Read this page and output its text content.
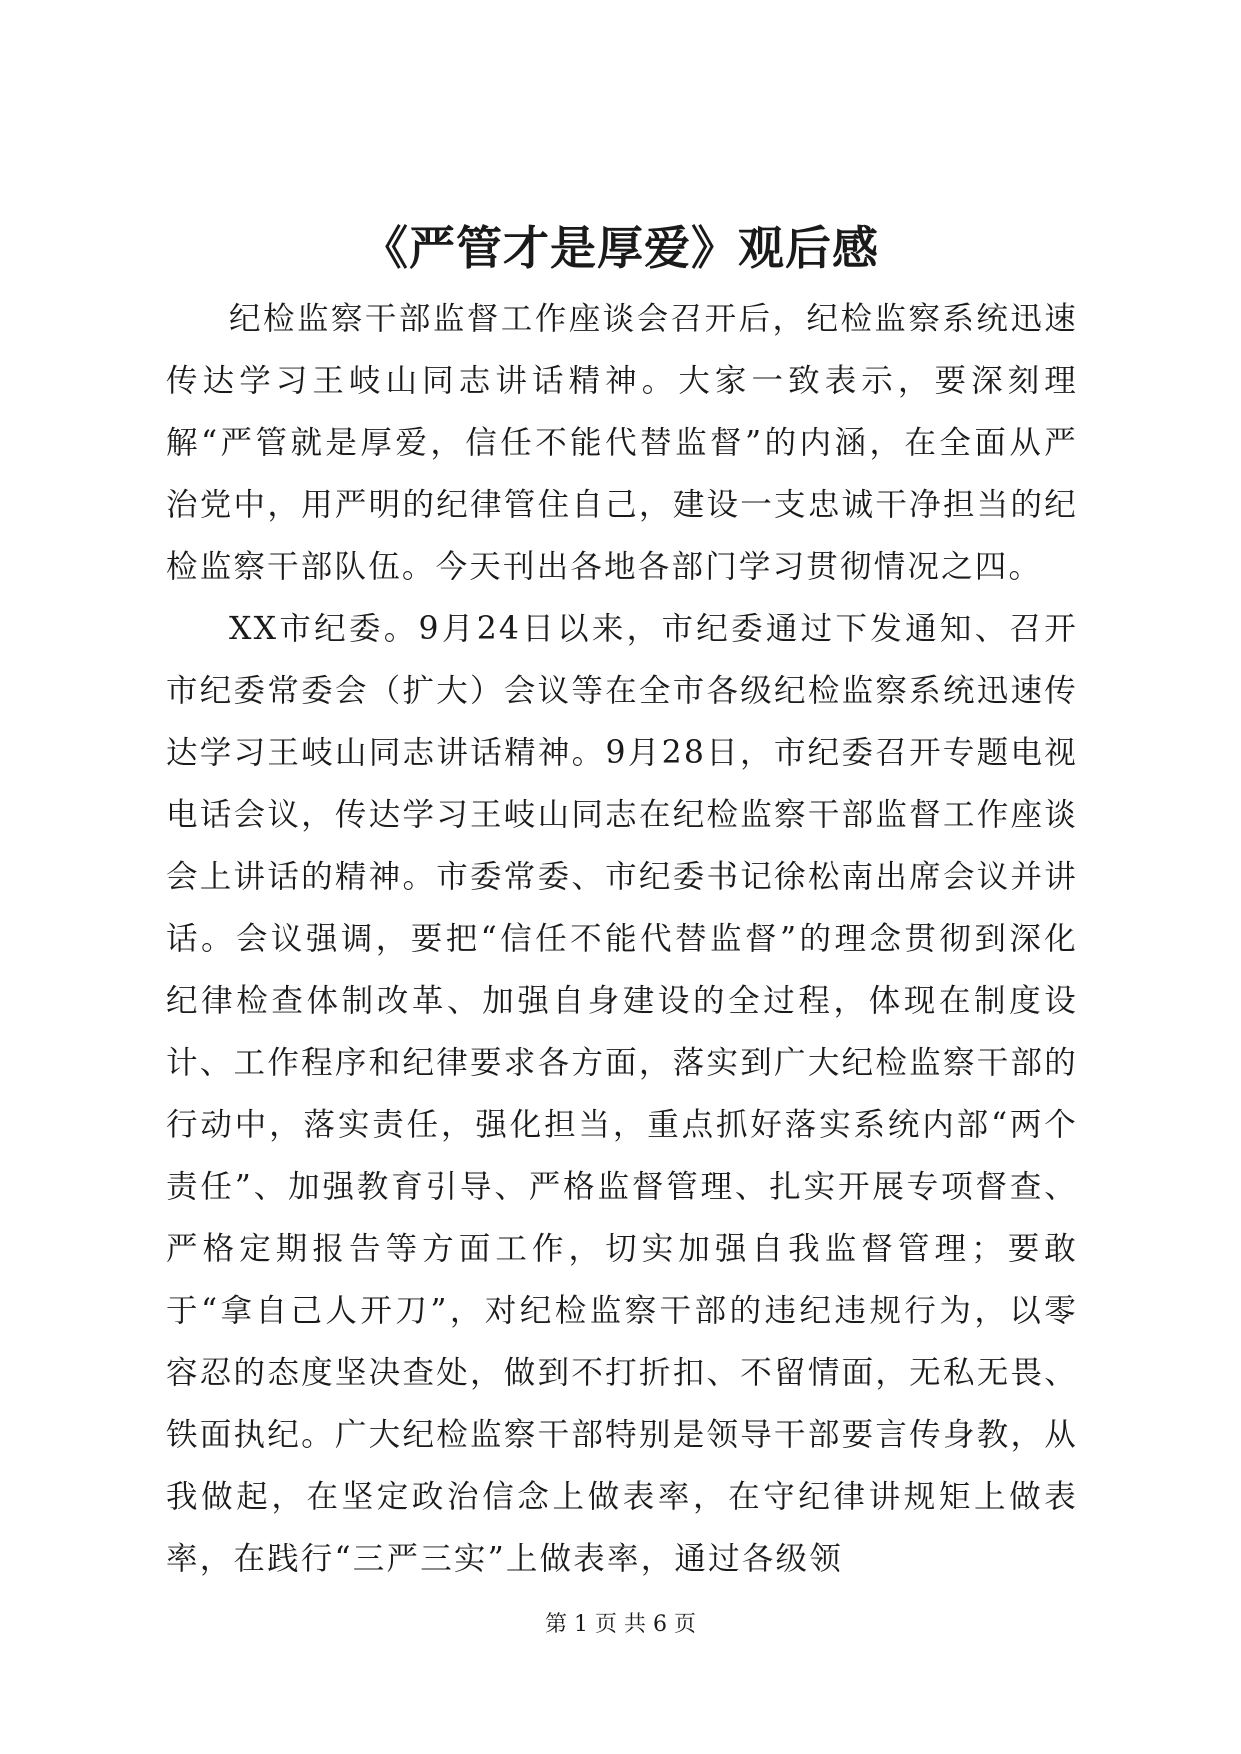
《严管才是厚爱》观后感

纪检监察干部监督工作座谈会召开后，纪检监察系统迅速传达学习王岐山同志讲话精神。大家一致表示，要深刻理解“严管就是厚爱，信任不能代替监督”的内涵，在全面从严治党中，用严明的纪律管住自己，建设一支忠诚干净担当的纪检监察干部队伍。今天刊出各地各部门学习贯彻情况之四。

XX市纪委。9月24日以来，市纪委通过下发通知、召开市纪委常委会（扩大）会议等在全市各级纪检监察系统迅速传达学习王岐山同志讲话精神。9月28日，市纪委召开专题电视电话会议，传达学习王岐山同志在纪检监察干部监督工作座谈会上讲话的精神。市委常委、市纪委书记徐松南出席会议并讲话。会议强调，要把“信任不能代替监督”的理念贯彻到深化纪律检查体制改革、加强自身建设的全过程，体现在制度设计、工作程序和纪律要求各方面，落实到广大纪检监察干部的行动中，落实责任，强化担当，重点抓好落实系统内部“两个责任”、加强教育引导、严格监督管理、扎实开展专项督查、严格定期报告等方面工作，切实加强自我监督管理；要敢于“拿自己人开刀”，对纪检监察干部的违纪违规行为，以零容忍的态度坚决查处，做到不打折扣、不留情面，无私无畏、铁面执纪。广大纪检监察干部特别是领导干部要言传身教，从我做起，在坚定政治信念上做表率，在守纪律讲规矩上做表率，在践行“三严三实”上做表率，通过各级领

第 1 页 共 6 页
